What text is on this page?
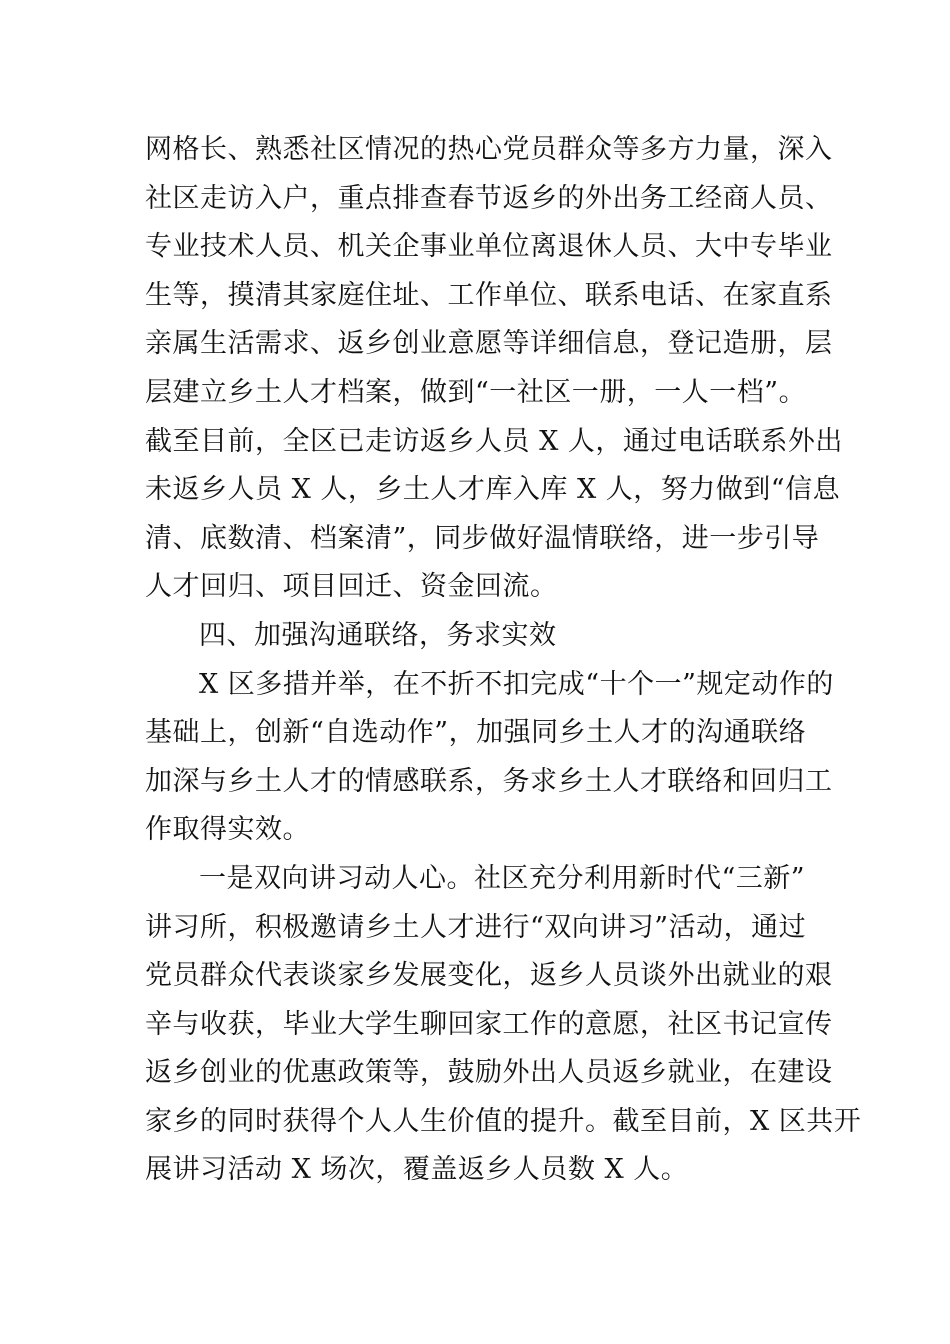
网格长、熟悉社区情况的热心党员群众等多方力量，深入
社区走访入户，重点排查春节返乡的外出务工经商人员、
专业技术人员、机关企事业单位离退休人员、大中专毕业
生等，摸清其家庭住址、工作单位、联系电话、在家直系
亲属生活需求、返乡创业意愿等详细信息，登记造册，层
层建立乡土人才档案，做到“一社区一册，一人一档”。
截至目前，全区已走访返乡人员 X 人，通过电话联系外出
未返乡人员 X 人，乡土人才库入库 X 人，努力做到“信息
清、底数清、档案清”，同步做好温情联络，进一步引导
人才回归、项目回迁、资金回流。
四、加强沟通联络，务求实效
X 区多措并举，在不折不扣完成“十个一”规定动作的
基础上，创新“自选动作”，加强同乡土人才的沟通联络
加深与乡土人才的情感联系，务求乡土人才联络和回归工
作取得实效。
一是双向讲习动人心。社区充分利用新时代“三新”
讲习所，积极邀请乡土人才进行“双向讲习”活动，通过
党员群众代表谈家乡发展变化，返乡人员谈外出就业的艰
辛与收获，毕业大学生聊回家工作的意愿，社区书记宣传
返乡创业的优惠政策等，鼓励外出人员返乡就业，在建设
家乡的同时获得个人人生价值的提升。截至目前，X 区共开
展讲习活动 X 场次，覆盖返乡人员数 X 人。
